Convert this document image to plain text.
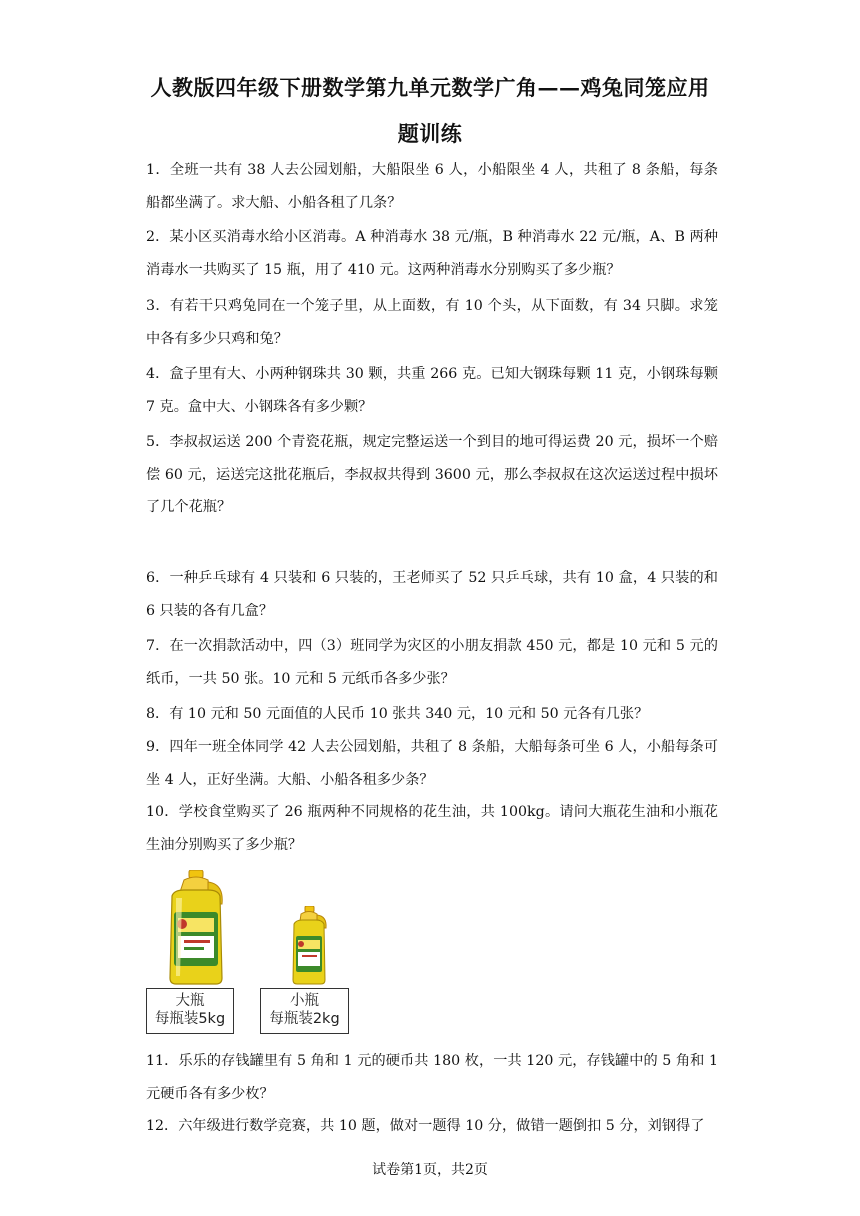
人教版四年级下册数学第九单元数学广角——鸡兔同笼应用
题训练
1．全班一共有 38 人去公园划船，大船限坐 6 人，小船限坐 4 人，共租了 8 条船，每条船都坐满了。求大船、小船各租了几条？
2．某小区买消毒水给小区消毒。A 种消毒水 38 元/瓶，B 种消毒水 22 元/瓶，A、B 两种消毒水一共购买了 15 瓶，用了 410 元。这两种消毒水分别购买了多少瓶？
3．有若干只鸡兔同在一个笼子里，从上面数，有 10 个头，从下面数，有 34 只脚。求笼中各有多少只鸡和兔？
4．盒子里有大、小两种钢珠共 30 颗，共重 266 克。已知大钢珠每颗 11 克，小钢珠每颗 7 克。盒中大、小钢珠各有多少颗？
5．李叔叔运送 200 个青瓷花瓶，规定完整运送一个到目的地可得运费 20 元，损坏一个赔偿 60 元，运送完这批花瓶后，李叔叔共得到 3600 元，那么李叔叔在这次运送过程中损坏了几个花瓶？
6．一种乒乓球有 4 只装和 6 只装的，王老师买了 52 只乒乓球，共有 10 盒，4 只装的和 6 只装的各有几盒？
7．在一次捐款活动中，四（3）班同学为灾区的小朋友捐款 450 元，都是 10 元和 5 元的纸币，一共 50 张。10 元和 5 元纸币各多少张？
8．有 10 元和 50 元面值的人民币 10 张共 340 元，10 元和 50 元各有几张？
9．四年一班全体同学 42 人去公园划船，共租了 8 条船，大船每条可坐 6 人，小船每条可坐 4 人，正好坐满。大船、小船各租多少条？
10．学校食堂购买了 26 瓶两种不同规格的花生油，共 100kg。请问大瓶花生油和小瓶花生油分别购买了多少瓶？
大瓶
每瓶装5kg
小瓶
每瓶装2kg
11．乐乐的存钱罐里有 5 角和 1 元的硬币共 180 枚，一共 120 元，存钱罐中的 5 角和 1 元硬币各有多少枚？
12．六年级进行数学竞赛，共 10 题，做对一题得 10 分，做错一题倒扣 5 分，刘钢得了
试卷第1页，共2页
